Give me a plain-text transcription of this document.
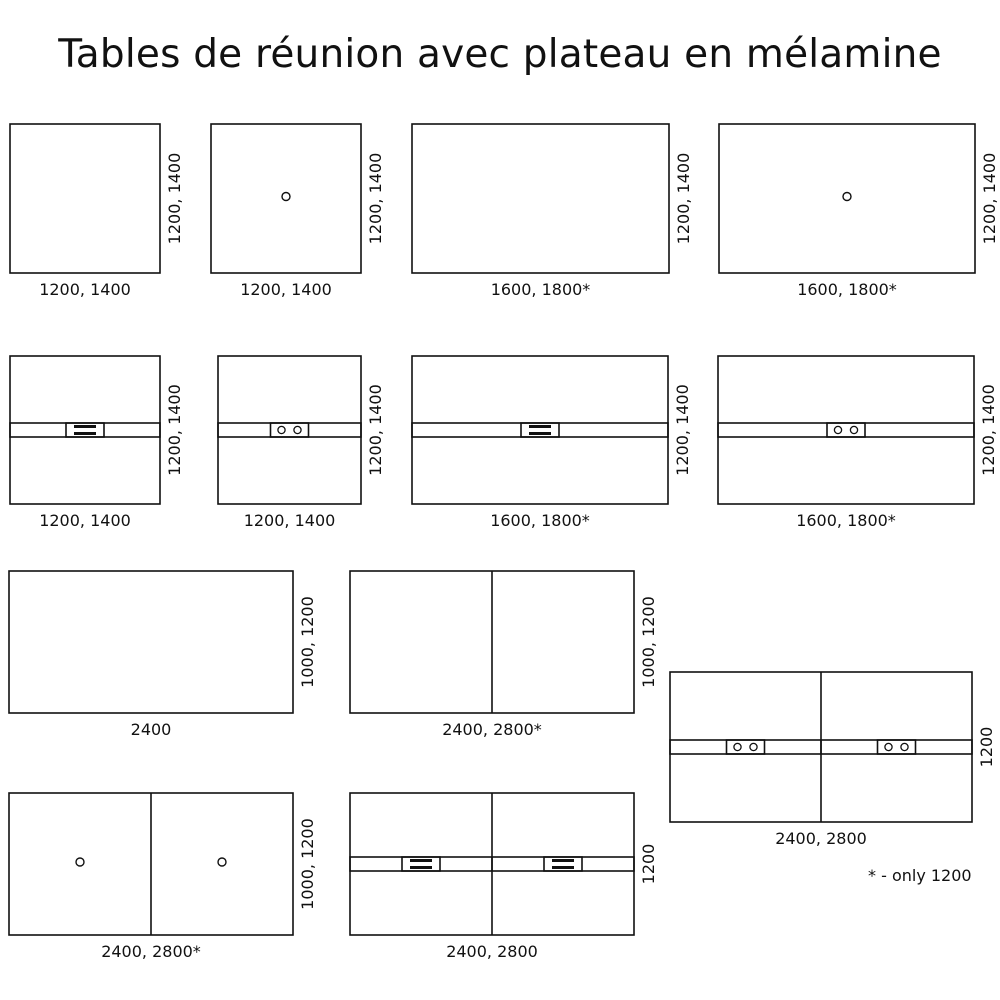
Tables de réunion avec plateau en mélamine
1200, 1400
1200, 1400
1200, 1400
1200, 1400
1600, 1800*
1200, 1400
1600, 1800*
1200, 1400
1200, 1400
1200, 1400
1200, 1400
1200, 1400
1600, 1800*
1200, 1400
1600, 1800*
1200, 1400
2400
1000, 1200
2400, 2800*
1000, 1200
2400, 2800
1200
2400, 2800*
1000, 1200
2400, 2800
1200	* - only 1200
